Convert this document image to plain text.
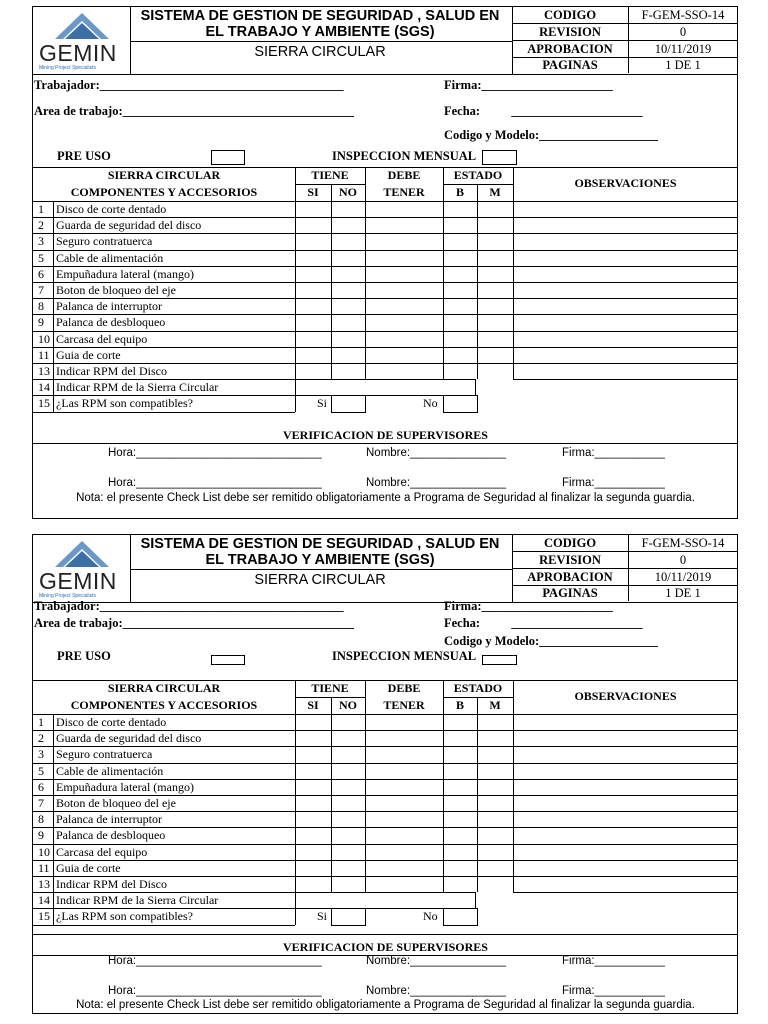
GEMIN
Mining Project Specialists
SISTEMA DE GESTION DE SEGURIDAD , SALUD EN
EL TRABAJO Y AMBIENTE (SGS)
SIERRA CIRCULAR
CODIGO	F-GEM-SSO-14
REVISION	0
APROBACION	10/11/2019
PAGINAS	1 DE 1
Trabajador:_______________________________________	Firma:_____________________
Area de trabajo:_____________________________________	Fecha:          _____________________
Codigo y Modelo:___________________
PRE USO	INSPECCION MENSUAL
SIERRA CIRCULAR
COMPONENTES Y ACCESORIOS
TIENE
SI	NO
DEBE
TENER
ESTADO
B	M
OBSERVACIONES
1 Disco de corte dentado
2 Guarda de seguridad del disco
3 Seguro contratuerca
5 Cable de alimentación
6 Empuñadura lateral (mango)
7 Boton de bloqueo del eje
8 Palanca de interruptor
9 Palanca de desbloqueo
10 Carcasa del equipo
11 Guia de corte
13 Indicar RPM del Disco
14 Indicar RPM de la Sierra Circular
15 ¿Las RPM son compatibles?	Si	No
VERIFICACION DE SUPERVISORES
Hora:_____________________________	Nombre:_______________	Firma:___________
Hora:_____________________________	Nombre:_______________	Firma:___________
Nota: el presente Check List debe ser remitido obligatoriamente a Programa de Seguridad al finalizar la segunda guardia.
GEMIN
Mining Project Specialists
SISTEMA DE GESTION DE SEGURIDAD , SALUD EN
EL TRABAJO Y AMBIENTE (SGS)
SIERRA CIRCULAR
CODIGO	F-GEM-SSO-14
REVISION	0
APROBACION	10/11/2019
PAGINAS	1 DE 1
Trabajador:_______________________________________	Firma:_____________________
Area de trabajo:_____________________________________	Fecha:          _____________________
Codigo y Modelo:___________________
PRE USO	INSPECCION MENSUAL
SIERRA CIRCULAR
COMPONENTES Y ACCESORIOS
TIENE
SI	NO
DEBE
TENER
ESTADO
B	M
OBSERVACIONES
1 Disco de corte dentado
2 Guarda de seguridad del disco
3 Seguro contratuerca
5 Cable de alimentación
6 Empuñadura lateral (mango)
7 Boton de bloqueo del eje
8 Palanca de interruptor
9 Palanca de desbloqueo
10 Carcasa del equipo
11 Guia de corte
13 Indicar RPM del Disco
14 Indicar RPM de la Sierra Circular
15 ¿Las RPM son compatibles?	Si	No
VERIFICACION DE SUPERVISORES
Hora:_____________________________	Nombre:_______________	Firma:___________
Hora:_____________________________	Nombre:_______________	Firma:___________
Nota: el presente Check List debe ser remitido obligatoriamente a Programa de Seguridad al finalizar la segunda guardia.
